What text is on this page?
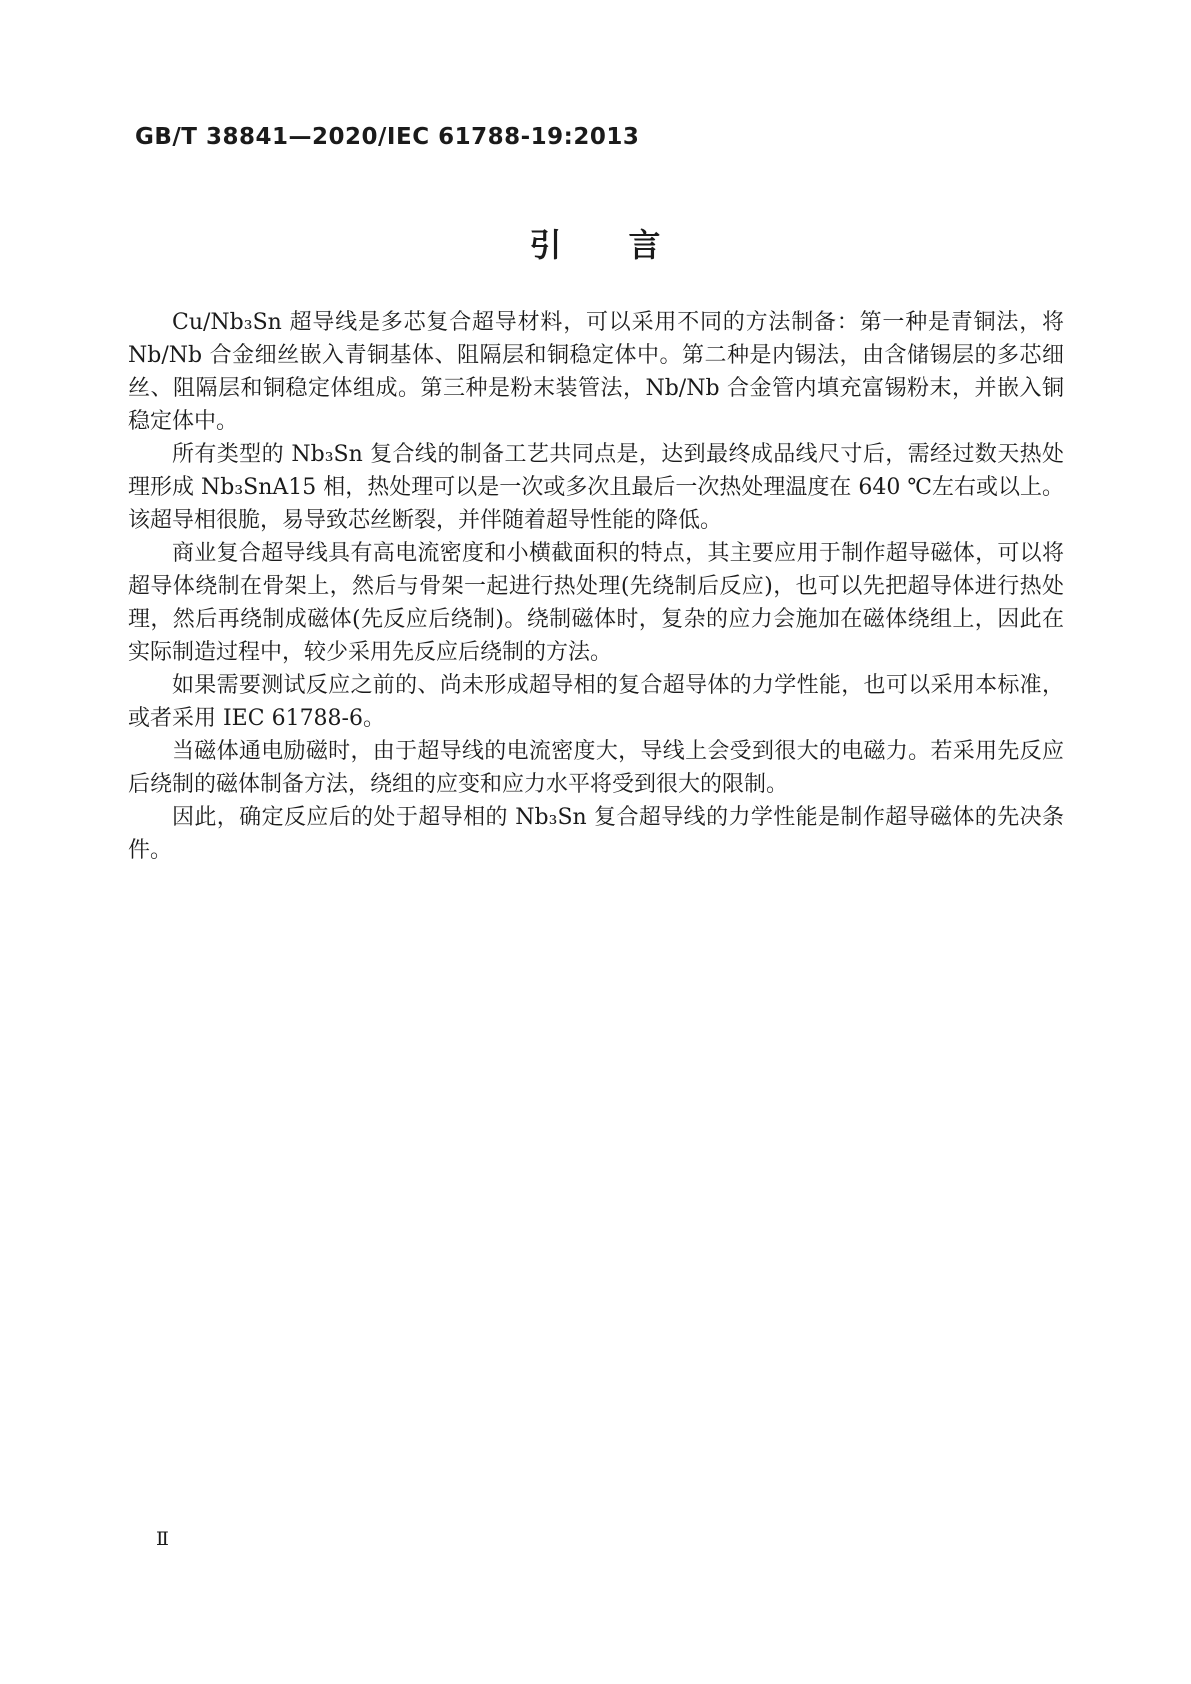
GB/T 38841—2020/IEC 61788-19:2013
引　　言

Cu/Nb₃Sn 超导线是多芯复合超导材料，可以采用不同的方法制备：第一种是青铜法，将 Nb/Nb 合金细丝嵌入青铜基体、阻隔层和铜稳定体中。第二种是内锡法，由含储锡层的多芯细丝、阻隔层和铜稳定体组成。第三种是粉末装管法，Nb/Nb 合金管内填充富锡粉末，并嵌入铜稳定体中。

所有类型的 Nb₃Sn 复合线的制备工艺共同点是，达到最终成品线尺寸后，需经过数天热处理形成 Nb₃SnA15 相，热处理可以是一次或多次且最后一次热处理温度在 640 ℃左右或以上。该超导相很脆，易导致芯丝断裂，并伴随着超导性能的降低。

商业复合超导线具有高电流密度和小横截面积的特点，其主要应用于制作超导磁体，可以将超导体绕制在骨架上，然后与骨架一起进行热处理(先绕制后反应)，也可以先把超导体进行热处理，然后再绕制成磁体(先反应后绕制)。绕制磁体时，复杂的应力会施加在磁体绕组上，因此在实际制造过程中，较少采用先反应后绕制的方法。

如果需要测试反应之前的、尚未形成超导相的复合超导体的力学性能，也可以采用本标准，或者采用 IEC 61788-6。

当磁体通电励磁时，由于超导线的电流密度大，导线上会受到很大的电磁力。若采用先反应后绕制的磁体制备方法，绕组的应变和应力水平将受到很大的限制。

因此，确定反应后的处于超导相的 Nb₃Sn 复合超导线的力学性能是制作超导磁体的先决条件。

Ⅱ
